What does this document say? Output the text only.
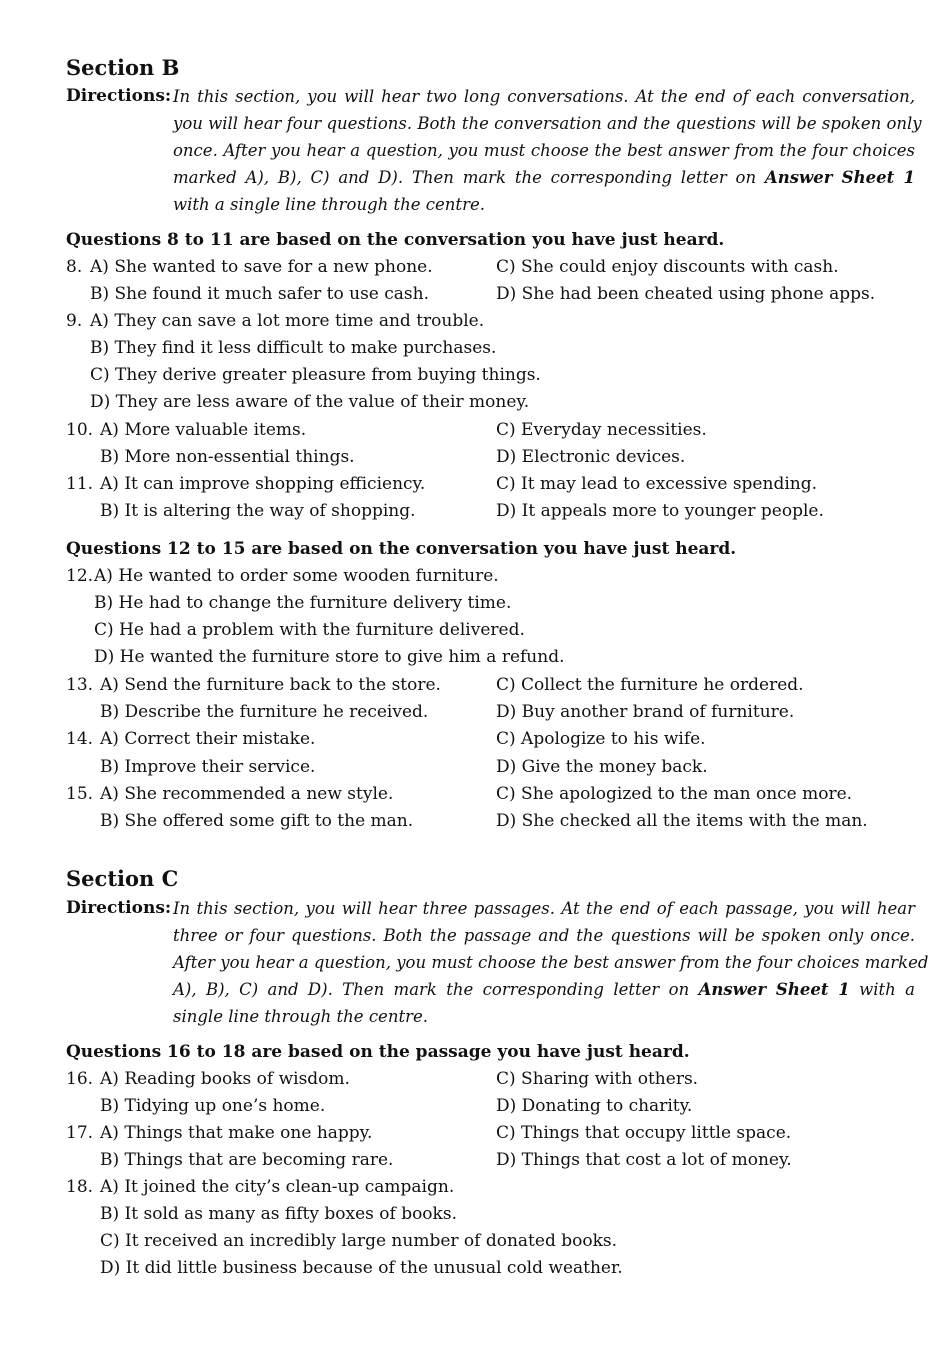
Section B
Directions: In this section, you will hear two long conversations. At the end of each conversation,
you will hear four questions. Both the conversation and the questions will be spoken only
once. After you hear a question, you must choose the best answer from the four choices
marked A), B), C) and D). Then mark the corresponding letter on Answer Sheet 1
with a single line through the centre.
Questions 8 to 11 are based on the conversation you have just heard.
8. A) She wanted to save for a new phone.	C) She could enjoy discounts with cash.
B) She found it much safer to use cash.	D) She had been cheated using phone apps.
9. A) They can save a lot more time and trouble.
B) They find it less difficult to make purchases.
C) They derive greater pleasure from buying things.
D) They are less aware of the value of their money.
10. A) More valuable items.	C) Everyday necessities.
B) More non-essential things.	D) Electronic devices.
11. A) It can improve shopping efficiency.	C) It may lead to excessive spending.
B) It is altering the way of shopping.	D) It appeals more to younger people.
Questions 12 to 15 are based on the conversation you have just heard.
12. A) He wanted to order some wooden furniture.
B) He had to change the furniture delivery time.
C) He had a problem with the furniture delivered.
D) He wanted the furniture store to give him a refund.
13. A) Send the furniture back to the store.	C) Collect the furniture he ordered.
B) Describe the furniture he received.	D) Buy another brand of furniture.
14. A) Correct their mistake.	C) Apologize to his wife.
B) Improve their service.	D) Give the money back.
15. A) She recommended a new style.	C) She apologized to the man once more.
B) She offered some gift to the man.	D) She checked all the items with the man.
Section C
Directions: In this section, you will hear three passages. At the end of each passage, you will hear
three or four questions. Both the passage and the questions will be spoken only once.
After you hear a question, you must choose the best answer from the four choices marked
A), B), C) and D). Then mark the corresponding letter on Answer Sheet 1 with a
single line through the centre.
Questions 16 to 18 are based on the passage you have just heard.
16. A) Reading books of wisdom.	C) Sharing with others.
B) Tidying up one’s home.	D) Donating to charity.
17. A) Things that make one happy.	C) Things that occupy little space.
B) Things that are becoming rare.	D) Things that cost a lot of money.
18. A) It joined the city’s clean-up campaign.
B) It sold as many as fifty boxes of books.
C) It received an incredibly large number of donated books.
D) It did little business because of the unusual cold weather.
